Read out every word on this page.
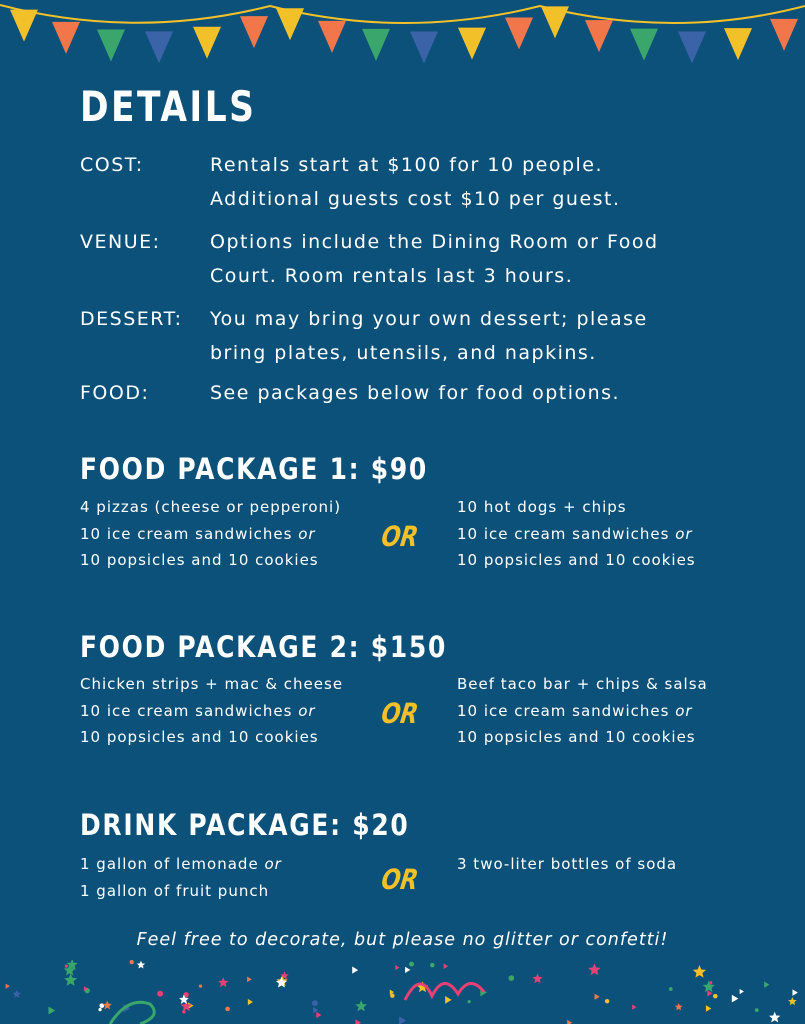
DETAILS
COST:	Rentals start at $100 for 10 people.
Additional guests cost $10 per guest.
VENUE:	Options include the Dining Room or Food
Court. Room rentals last 3 hours.
DESSERT: You may bring your own dessert; please
bring plates, utensils, and napkins.
FOOD:	See packages below for food options.
FOOD PACKAGE 1: $90
4 pizzas (cheese or pepperoni)
10 ice cream sandwiches or
10 popsicles and 10 cookies
OR
10 hot dogs + chips
10 ice cream sandwiches or
10 popsicles and 10 cookies
FOOD PACKAGE 2: $150
Chicken strips + mac & cheese
10 ice cream sandwiches or
10 popsicles and 10 cookies
OR
Beef taco bar + chips & salsa
10 ice cream sandwiches or
10 popsicles and 10 cookies
DRINK PACKAGE: $20
1 gallon of lemonade or
1 gallon of fruit punch	OR 3 two-liter bottles of soda
Feel free to decorate, but please no glitter or confetti!
